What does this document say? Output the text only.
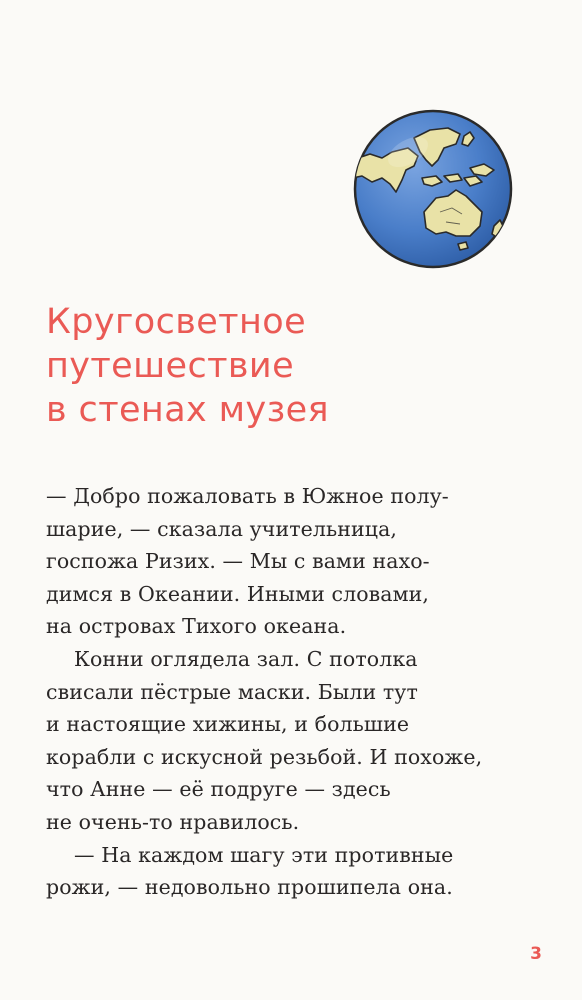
Кругосветное
путешествие
в стенах музея
— Добро пожаловать в Южное полу-
шарие, — сказала учительница,
госпожа Ризих. — Мы с вами нахо-
димся в Океании. Иными словами,
на островах Тихого океана.
Конни оглядела зал. С потолка
свисали пёстрые маски. Были тут
и настоящие хижины, и большие
корабли с искусной резьбой. И похоже,
что Анне — её подруге — здесь
не очень-то нравилось.
— На каждом шагу эти противные
рожи, — недовольно прошипела она.
3
